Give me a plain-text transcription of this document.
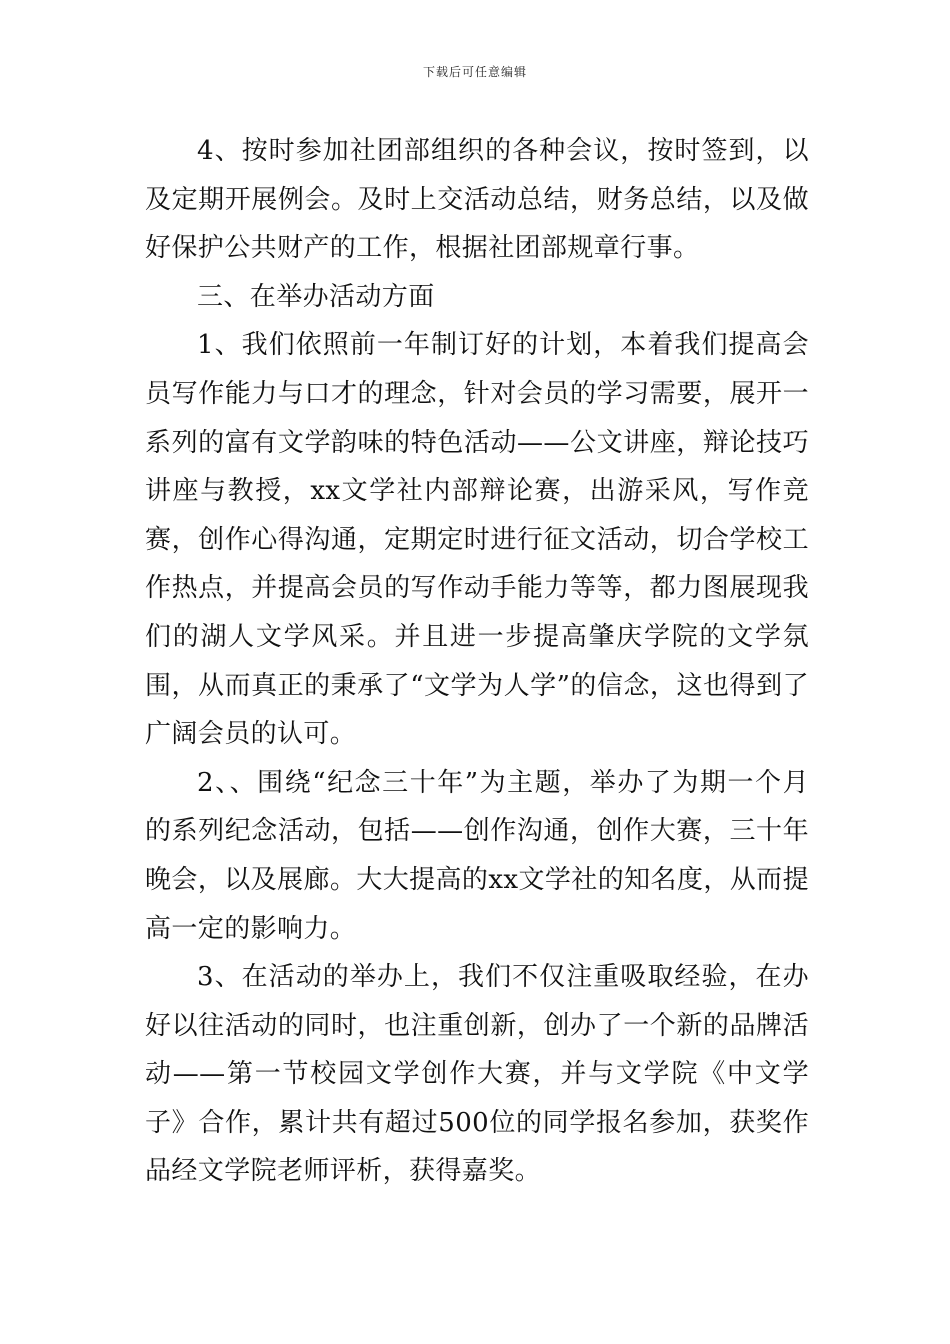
下载后可任意编辑

4、按时参加社团部组织的各种会议，按时签到，以及定期开展例会。及时上交活动总结，财务总结，以及做好保护公共财产的工作，根据社团部规章行事。

三、在举办活动方面

1、我们依照前一年制订好的计划，本着我们提高会员写作能力与口才的理念，针对会员的学习需要，展开一系列的富有文学韵味的特色活动——公文讲座，辩论技巧讲座与教授，xx文学社内部辩论赛，出游采风，写作竞赛，创作心得沟通，定期定时进行征文活动，切合学校工作热点，并提高会员的写作动手能力等等，都力图展现我们的湖人文学风采。并且进一步提高肇庆学院的文学氛围，从而真正的秉承了“文学为人学”的信念，这也得到了广阔会员的认可。

2、、围绕“纪念三十年”为主题，举办了为期一个月的系列纪念活动，包括——创作沟通，创作大赛，三十年晚会，以及展廊。大大提高的xx文学社的知名度，从而提高一定的影响力。

3、在活动的举办上，我们不仅注重吸取经验，在办好以往活动的同时，也注重创新，创办了一个新的品牌活动——第一节校园文学创作大赛，并与文学院《中文学子》合作，累计共有超过500位的同学报名参加，获奖作品经文学院老师评析，获得嘉奖。
